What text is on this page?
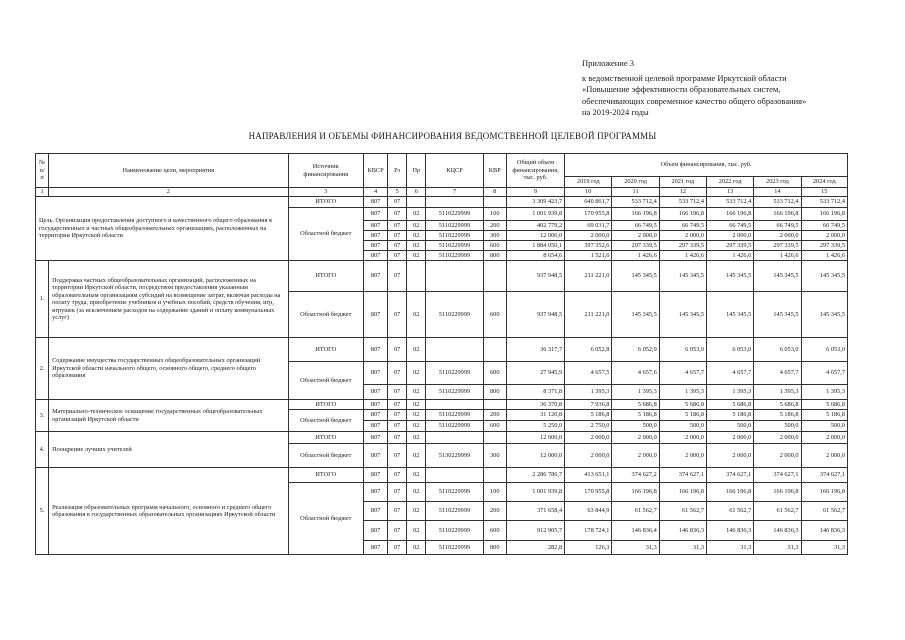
Приложение 3
к ведомственной целевой программе Иркутской области
«Повышение эффективности образовательных систем,
обеспечивающих современное качество общего образования»
на 2019-2024 годы
НАПРАВЛЕНИЯ И ОБЪЕМЫ ФИНАНСИРОВАНИЯ ВЕДОМСТВЕННОЙ ЦЕЛЕВОЙ ПРОГРАММЫ
№ п/п	Наименование цели, мероприятия	Источник финансирования	КВСР	Рз	Пр	КЦСР	КВР	Общий объем финансирования, тыс. руб.	Объем финансирования, тыс. руб.					
									2019 год	2020 год	2021 год	2022 год	2023 год	2024 год
1	2	3	4	5	6	7	8	9	10	11	12	13	14	15
Цель. Организация предоставления доступного и качественного общего образования в государственных и частных общеобразовательных организациях, расположенных на территории Иркутской области		ИТОГО	807	07				3 309 423,7	640 861,7	533 712,4	533 712,4	533 712,4	533 712,4	533 712,4
		Областной бюджет	807	07	02	5110229999	100	1 001 939,8	170 955,8	166 196,8	166 196,8	166 196,8	166 196,8	166 196,8
			807	07	02	5110229999	200	402 779,2	69 031,7	66 749,5	66 749,5	66 749,5	66 749,5	66 749,5
			807	07	02	5110229999	300	12 000,0	2 000,0	2 000,0	2 000,0	2 000,0	2 000,0	2 000,0
			807	07	02	5110229999	600	1 884 050,1	397 352,6	297 339,5	297 339,5	297 339,5	297 339,5	297 339,5
			807	07	02	5110229999	800	8 654,6	1 521,6	1 426,6	1 426,6	1 426,6	1 426,6	1 426,6
1.	Поддержка частных общеобразовательных организаций, расположенных на территории Иркутской области, посредством предоставления указанным образовательным организациям субсидий на возмещение затрат, включая расходы на оплату труда, приобретение учебников и учебных пособий, средств обучения, игр, игрушек (за исключением расходов на содержание зданий и оплату коммунальных услуг)	ИТОГО	807	07				937 948,5	211 221,0	145 345,5	145 345,5	145 345,5	145 345,5	145 345,5
		Областной бюджет	807	07	02	5110229999	600	937 948,5	211 221,0	145 345,5	145 345,5	145 345,5	145 345,5	145 345,5
2.	Содержание имущества государственных общеобразовательных организаций Иркутской области начального общего, основного общего, среднего общего образования	ИТОГО	807	07	02			36 317,7	6 052,8	6 052,9	6 053,0	6 053,0	6 053,0	6 053,0
		Областной бюджет	807	07	02	5110229999	600	27 945,9	4 657,5	4 657,6	4 657,7	4 657,7	4 657,7	4 657,7
			807	07	02	5110229999	800	8 371,8	1 395,3	1 395,3	1 395,3	1 395,3	1 395,3	1 395,3
3.	Материально-техническое оснащение государственных общеобразовательных организаций Иркутской области	ИТОГО	807	07	02			36 370,8	7 936,8	5 686,8	5 686,8	5 686,8	5 686,8	5 686,8
		Областной бюджет	807	07	02	5110229999	200	31 120,8	5 186,8	5 186,8	5 186,8	5 186,8	5 186,8	5 186,8
			807	07	02	5110229999	600	5 250,0	2 750,0	500,0	500,0	500,0	500,0	500,0
4.	Поощрение лучших учителей	ИТОГО	807	07	02			12 000,0	2 000,0	2 000,0	2 000,0	2 000,0	2 000,0	2 000,0
		Областной бюджет	807	07	02	5130229999	300	12 000,0	2 000,0	2 000,0	2 000,0	2 000,0	2 000,0	2 000,0
5.	Реализация образовательных программ начального, основного и среднего общего образования в государственных образовательных организациях Иркутской области	ИТОГО	807	07	02			2 286 786,7	413 651,1	374 627,2	374 627,1	374 627,1	374 627,1	374 627,1
		Областной бюджет	807	07	02	5110229999	100	1 001 939,8	170 955,8	166 196,8	166 196,8	166 196,8	166 196,8	166 196,8
			807	07	02	5110229999	200	371 658,4	63 844,9	61 562,7	61 562,7	61 562,7	61 562,7	61 562,7
			807	07	02	5110229999	600	912 905,7	178 724,1	146 836,4	146 836,3	146 836,3	146 836,3	146 836,3
			807	07	02	5110229999	800	282,8	126,3	31,3	31,3	31,3	31,3	31,3
